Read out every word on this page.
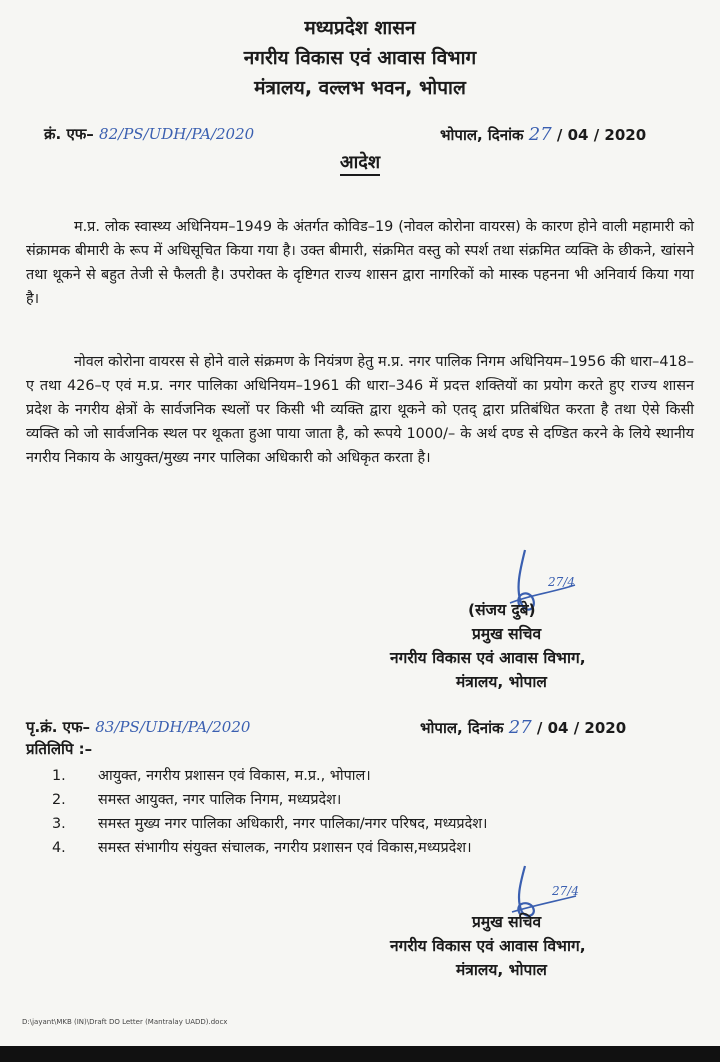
मध्यप्रदेश शासन
नगरीय विकास एवं आवास विभाग
मंत्रालय, वल्लभ भवन, भोपाल
क्रं. एफ– 82/PS/UDH/PA/2020	भोपाल, दिनांक 27 / 04 / 2020
आदेश
म.प्र. लोक स्वास्थ्य अधिनियम–1949 के अंतर्गत कोविड–19 (नोवल कोरोना वायरस) के कारण होने वाली महामारी को संक्रामक बीमारी के रूप में अधिसूचित किया गया है। उक्त बीमारी, संक्रमित वस्तु को स्पर्श तथा संक्रमित व्यक्ति के छीकने, खांसने तथा थूकने से बहुत तेजी से फैलती है। उपरोक्त के दृष्टिगत राज्य शासन द्वारा नागरिकों को मास्क पहनना भी अनिवार्य किया गया है।
नोवल कोरोना वायरस से होने वाले संक्रमण के नियंत्रण हेतु म.प्र. नगर पालिक निगम अधिनियम–1956 की धारा–418–ए तथा 426–ए एवं म.प्र. नगर पालिका अधिनियम–1961 की धारा–346 में प्रदत्त शक्तियों का प्रयोग करते हुए राज्य शासन प्रदेश के नगरीय क्षेत्रों के सार्वजनिक स्थलों पर किसी भी व्यक्ति द्वारा थूकने को एतद् द्वारा प्रतिबंधित करता है तथा ऐसे किसी व्यक्ति को जो सार्वजनिक स्थल पर थूकता हुआ पाया जाता है, को रूपये 1000/– के अर्थ दण्ड से दण्डित करने के लिये स्थानीय नगरीय निकाय के आयुक्त/मुख्य नगर पालिका अधिकारी को अधिकृत करता है।
27/4
(संजय दुबे)
प्रमुख सचिव
नगरीय विकास एवं आवास विभाग,
मंत्रालय, भोपाल
पृ.क्रं. एफ– 83/PS/UDH/PA/2020	भोपाल, दिनांक 27 / 04 / 2020
प्रतिलिपि :–
1. आयुक्त, नगरीय प्रशासन एवं विकास, म.प्र., भोपाल।
2. समस्त आयुक्त, नगर पालिक निगम, मध्यप्रदेश।
3. समस्त मुख्य नगर पालिका अधिकारी, नगर पालिका/नगर परिषद, मध्यप्रदेश।
4. समस्त संभागीय संयुक्त संचालक, नगरीय प्रशासन एवं विकास,मध्यप्रदेश।
27/4
प्रमुख सचिव
नगरीय विकास एवं आवास विभाग,
मंत्रालय, भोपाल
D:\jayant\MKB (IN)\Draft DO Letter (Mantralay UADD).docx
